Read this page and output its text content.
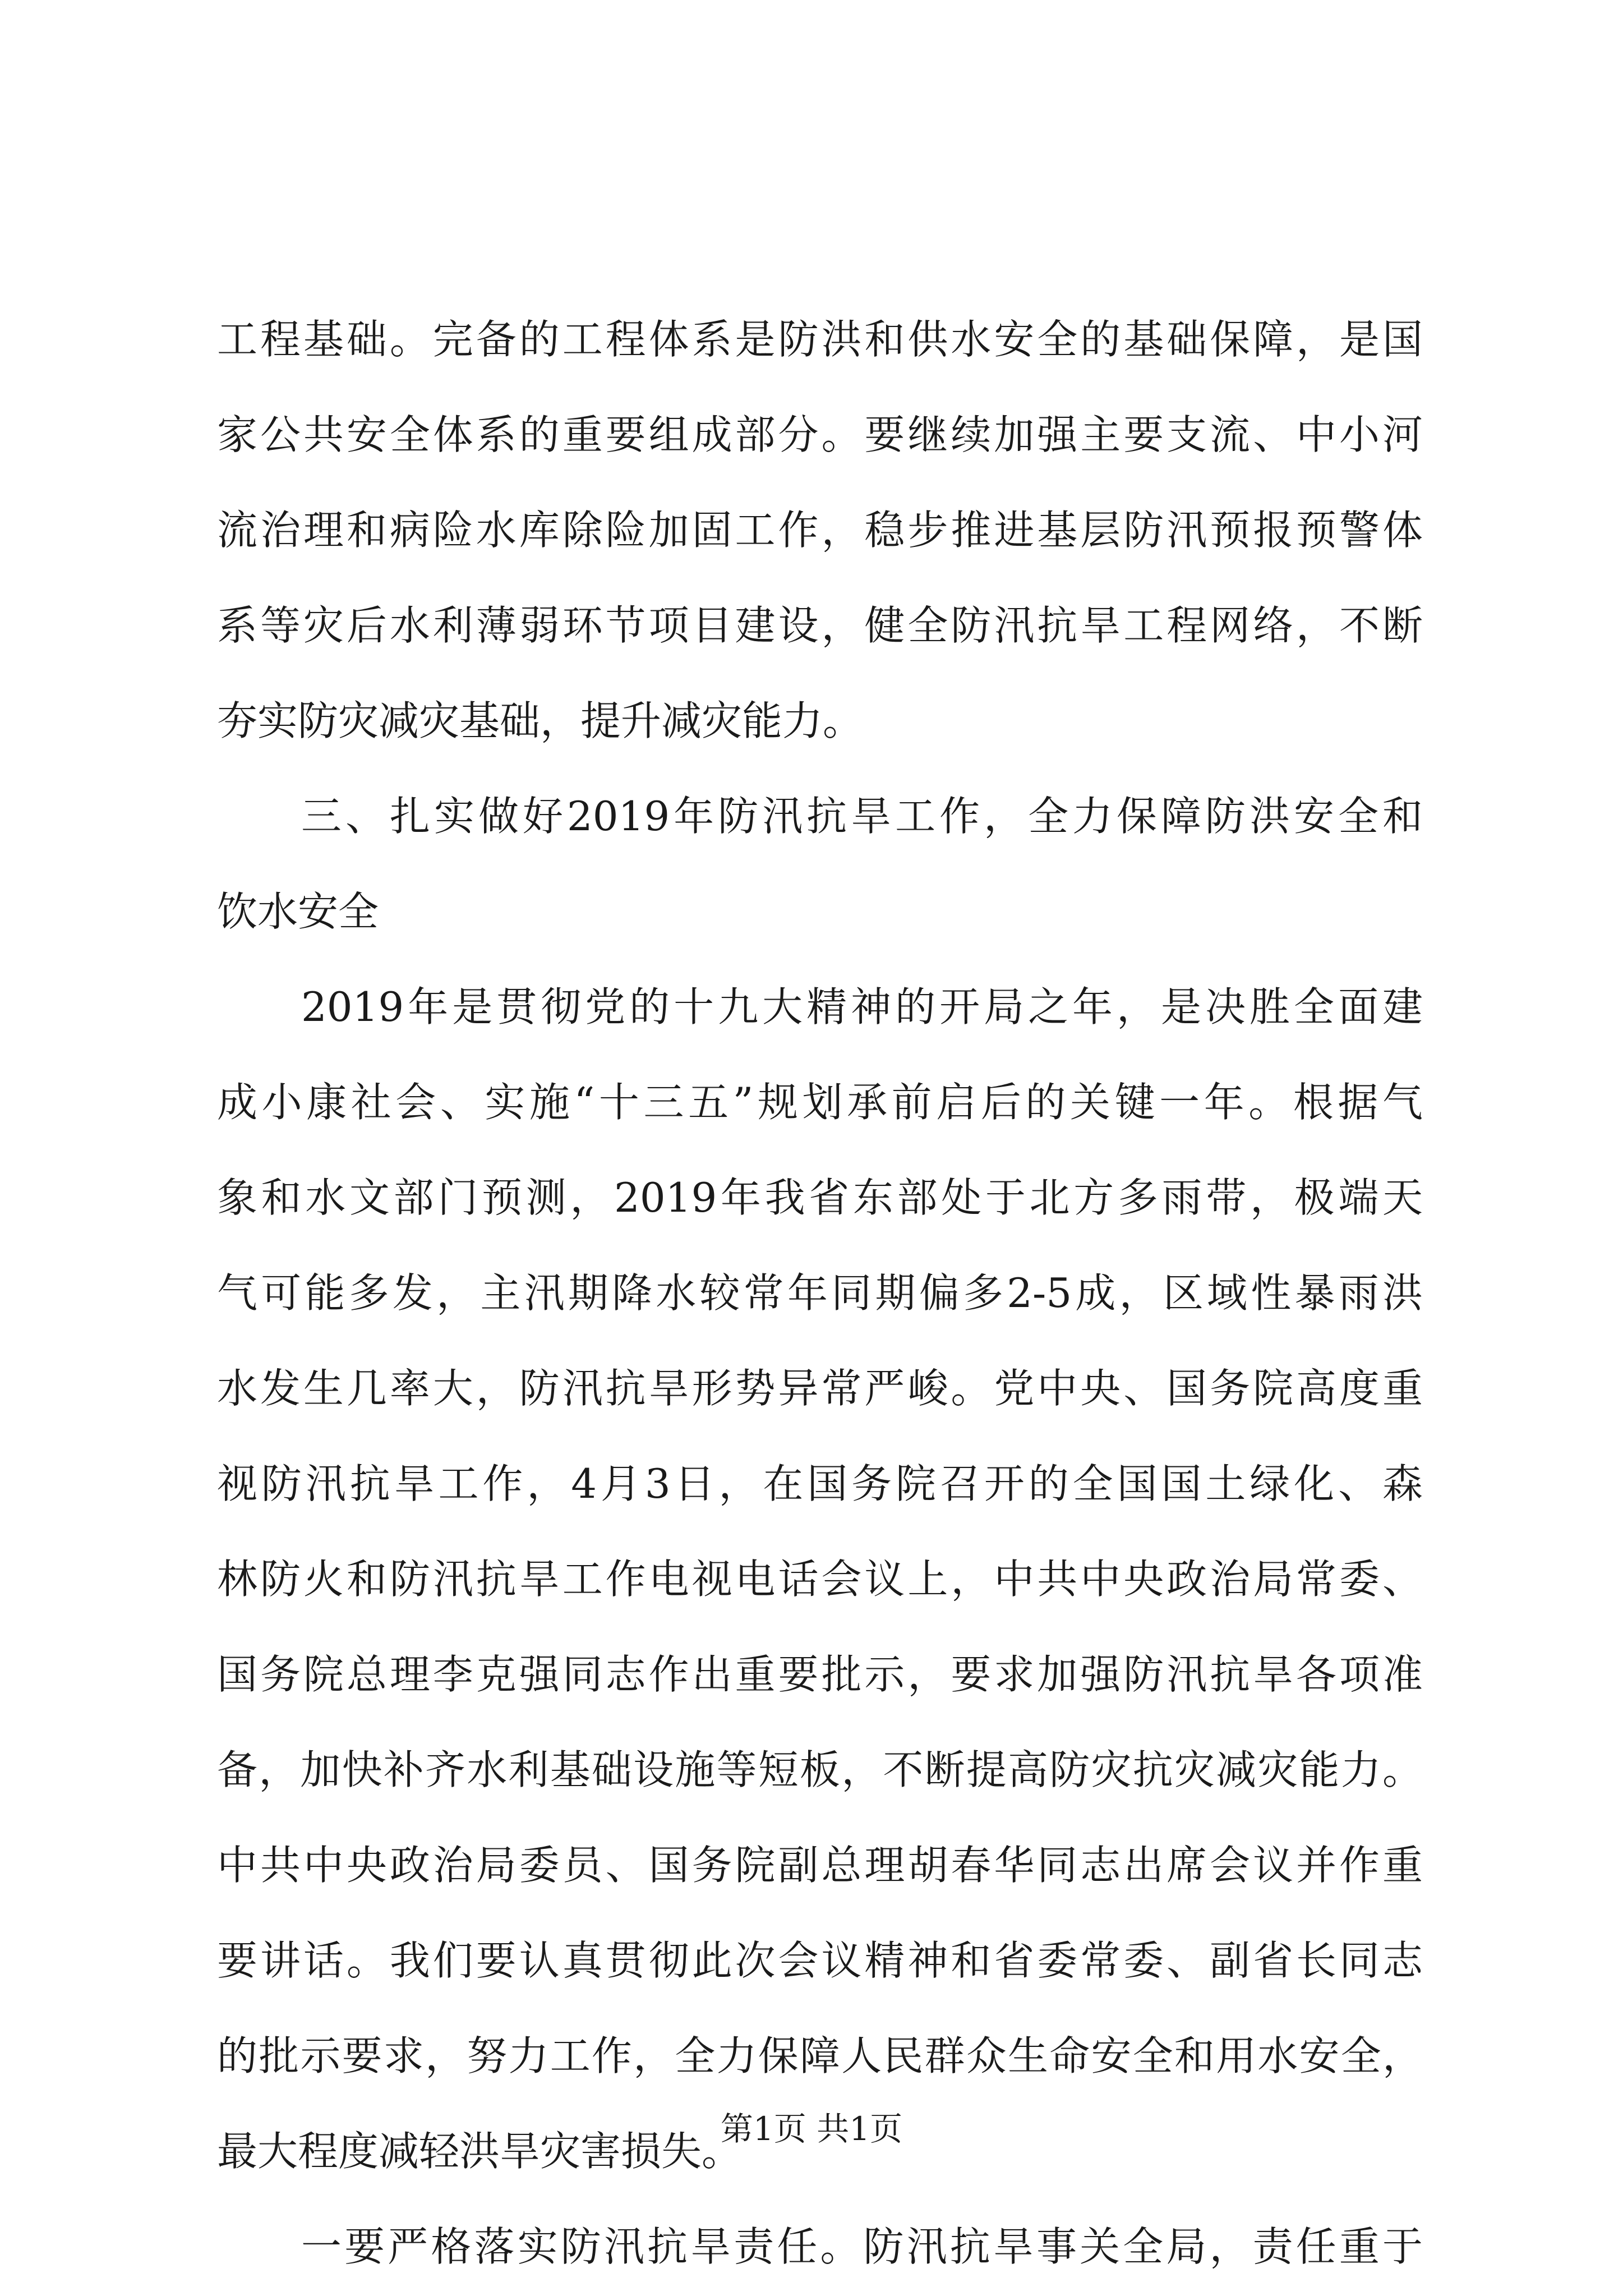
工程基础。完备的工程体系是防洪和供水安全的基础保障，是国
家公共安全体系的重要组成部分。要继续加强主要支流、中小河
流治理和病险水库除险加固工作，稳步推进基层防汛预报预警体
系等灾后水利薄弱环节项目建设，健全防汛抗旱工程网络，不断
夯实防灾减灾基础，提升减灾能力。
三、扎实做好2019年防汛抗旱工作，全力保障防洪安全和
饮水安全
2019年是贯彻党的十九大精神的开局之年，是决胜全面建
成小康社会、实施“十三五”规划承前启后的关键一年。根据气
象和水文部门预测，2019年我省东部处于北方多雨带，极端天
气可能多发，主汛期降水较常年同期偏多2-5成，区域性暴雨洪
水发生几率大，防汛抗旱形势异常严峻。党中央、国务院高度重
视防汛抗旱工作，4月3日，在国务院召开的全国国土绿化、森
林防火和防汛抗旱工作电视电话会议上，中共中央政治局常委、
国务院总理李克强同志作出重要批示，要求加强防汛抗旱各项准
备，加快补齐水利基础设施等短板，不断提高防灾抗灾减灾能力。
中共中央政治局委员、国务院副总理胡春华同志出席会议并作重
要讲话。我们要认真贯彻此次会议精神和省委常委、副省长同志
的批示要求，努力工作，全力保障人民群众生命安全和用水安全，
最大程度减轻洪旱灾害损失。
一要严格落实防汛抗旱责任。防汛抗旱事关全局，责任重于
第1页 共1页
